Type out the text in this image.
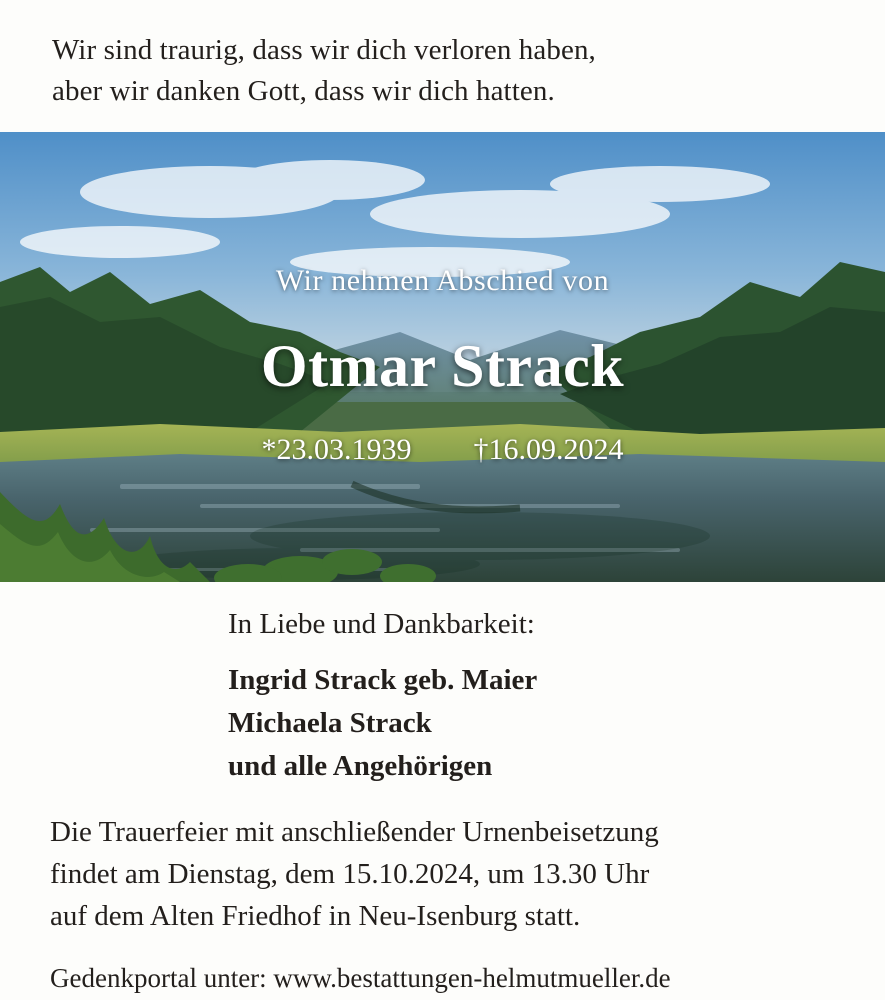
Wir sind traurig, dass wir dich verloren haben,
aber wir danken Gott, dass wir dich hatten.
Wir nehmen Abschied von
Otmar Strack
*23.03.1939 †16.09.2024
In Liebe und Dankbarkeit:
Ingrid Strack geb. Maier
Michaela Strack
und alle Angehörigen
Die Trauerfeier mit anschließender Urnenbeisetzung
findet am Dienstag, dem 15.10.2024, um 13.30 Uhr
auf dem Alten Friedhof in Neu-Isenburg statt.
Gedenkportal unter: www.bestattungen-helmutmueller.de
